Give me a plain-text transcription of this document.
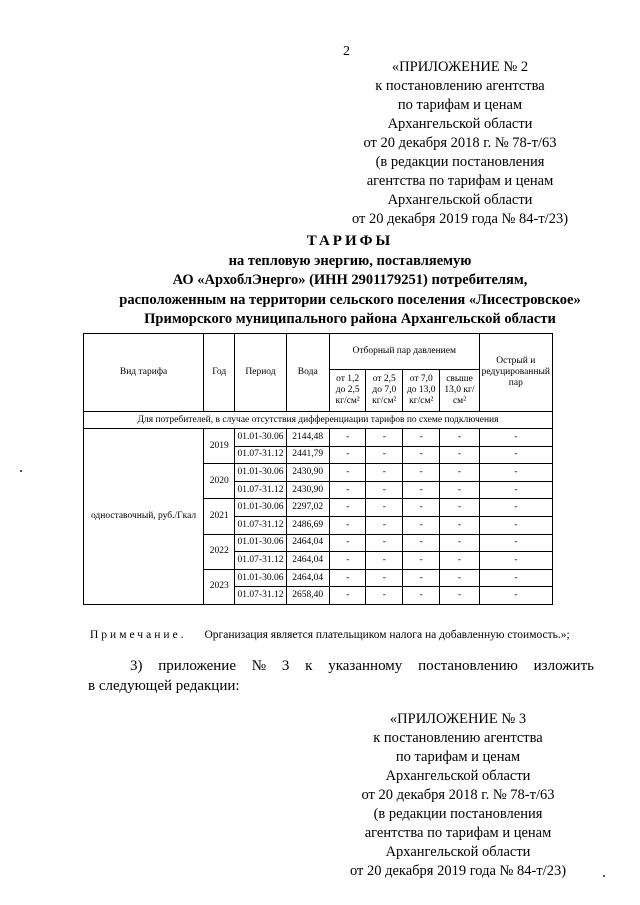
2
«ПРИЛОЖЕНИЕ № 2
к постановлению агентства
по тарифам и ценам
Архангельской области
от 20 декабря 2018 г. № 78-т/63
(в редакции постановления
агентства по тарифам и ценам
Архангельской области
от 20 декабря 2019 года № 84-т/23)
ТАРИФЫ
на тепловую энергию, поставляемую
АО «АрхоблЭнерго» (ИНН 2901179251) потребителям,
расположенным на территории сельского поселения «Лисестровское»
Приморского муниципального района Архангельской области
Вид тарифа	Год	Период	Вода	Отборный пар давлением				Острый и редуцированный пар
				от 1,2 до 2,5 кг/см²	от 2,5 до 7,0 кг/см²	от 7,0 до 13,0 кг/см²	свыше 13,0 кг/см²	
Для потребителей, в случае отсутствия дифференциации тарифов по схеме подключения								
одноставочный, руб./Гкал	2019	01.01-30.06	2144,48	-	-	-	-	-
		01.07-31.12	2441,79	-	-	-	-	-
	2020	01.01-30.06	2430,90	-	-	-	-	-
		01.07-31.12	2430,90	-	-	-	-	-
	2021	01.01-30.06	2297,02	-	-	-	-	-
		01.07-31.12	2486,69	-	-	-	-	-
	2022	01.01-30.06	2464,04	-	-	-	-	-
		01.07-31.12	2464,04	-	-	-	-	-
	2023	01.01-30.06	2464,04	-	-	-	-	-
		01.07-31.12	2658,40	-	-	-	-	-
Примечание. Организация является плательщиком налога на добавленную стоимость.»;
3) приложение № 3 к указанному постановлению изложить
в следующей редакции:
«ПРИЛОЖЕНИЕ № 3
к постановлению агентства
по тарифам и ценам
Архангельской области
от 20 декабря 2018 г. № 78-т/63
(в редакции постановления
агентства по тарифам и ценам
Архангельской области
от 20 декабря 2019 года № 84-т/23)
